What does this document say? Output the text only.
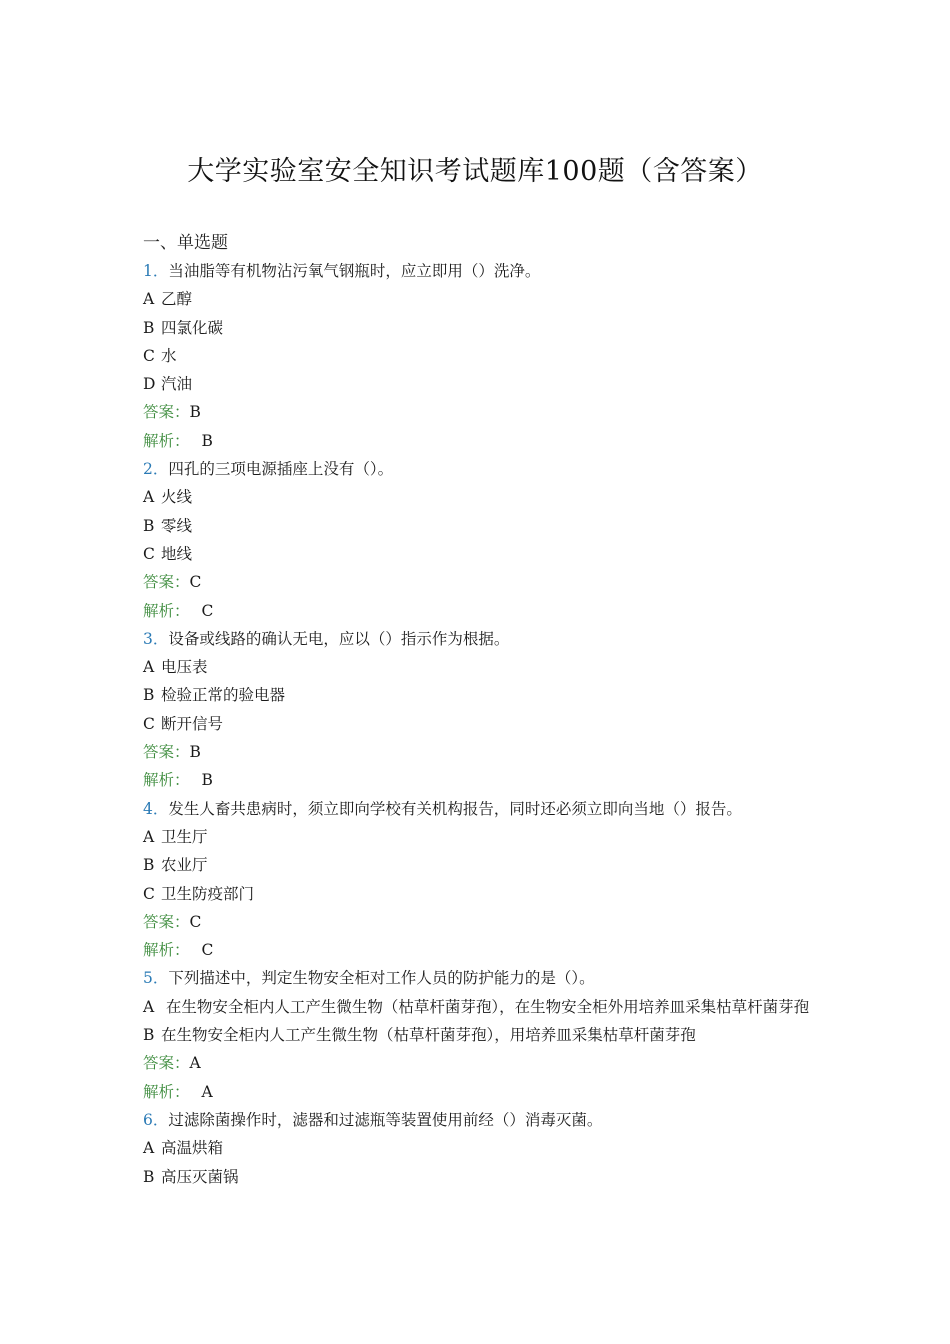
大学实验室安全知识考试题库100题（含答案）
一、单选题
1．当油脂等有机物沾污氧气钢瓶时，应立即用（）洗净。
A 乙醇
B 四氯化碳
C 水
D 汽油
答案：B
解析： B
2．四孔的三项电源插座上没有（）。
A 火线
B 零线
C 地线
答案：C
解析： C
3．设备或线路的确认无电，应以（）指示作为根据。
A 电压表
B 检验正常的验电器
C 断开信号
答案：B
解析： B
4．发生人畜共患病时，须立即向学校有关机构报告，同时还必须立即向当地（）报告。
A 卫生厅
B 农业厅
C 卫生防疫部门
答案：C
解析： C
5．下列描述中，判定生物安全柜对工作人员的防护能力的是（）。
A 在生物安全柜内人工产生微生物（枯草杆菌芽孢），在生物安全柜外用培养皿采集枯草杆菌芽孢
B 在生物安全柜内人工产生微生物（枯草杆菌芽孢），用培养皿采集枯草杆菌芽孢
答案：A
解析： A
6．过滤除菌操作时，滤器和过滤瓶等装置使用前经（）消毒灭菌。
A 高温烘箱
B 高压灭菌锅
